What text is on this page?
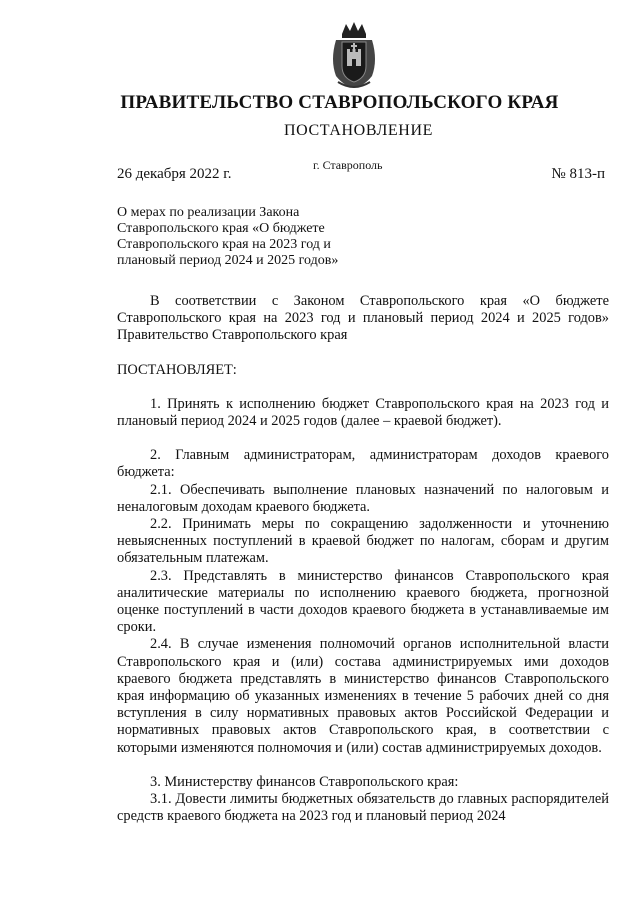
ПРАВИТЕЛЬСТВО СТАВРОПОЛЬСКОГО КРАЯ
ПОСТАНОВЛЕНИЕ
г. Ставрополь
26 декабря 2022 г.	№ 813-п
О мерах по реализации Закона
Ставропольского края «О бюджете
Ставропольского края на 2023 год и
плановый период 2024 и 2025 годов»

В соответствии с Законом Ставропольского края «О бюджете Ставропольского края на 2023 год и плановый период 2024 и 2025 годов» Правительство Ставропольского края

ПОСТАНОВЛЯЕТ:

1. Принять к исполнению бюджет Ставропольского края на 2023 год и плановый период 2024 и 2025 годов (далее – краевой бюджет).

2. Главным администраторам, администраторам доходов краевого бюджета:

2.1. Обеспечивать выполнение плановых назначений по налоговым и неналоговым доходам краевого бюджета.

2.2. Принимать меры по сокращению задолженности и уточнению невыясненных поступлений в краевой бюджет по налогам, сборам и другим обязательным платежам.

2.3. Представлять в министерство финансов Ставропольского края аналитические материалы по исполнению краевого бюджета, прогнозной оценке поступлений в части доходов краевого бюджета в устанавливаемые им сроки.

2.4. В случае изменения полномочий органов исполнительной власти Ставропольского края и (или) состава администрируемых ими доходов краевого бюджета представлять в министерство финансов Ставропольского края информацию об указанных изменениях в течение 5 рабочих дней со дня вступления в силу нормативных правовых актов Российской Федерации и нормативных правовых актов Ставропольского края, в соответствии с которыми изменяются полномочия и (или) состав администрируемых доходов.

3. Министерству финансов Ставропольского края:

3.1. Довести лимиты бюджетных обязательств до главных распорядителей средств краевого бюджета на 2023 год и плановый период 2024
